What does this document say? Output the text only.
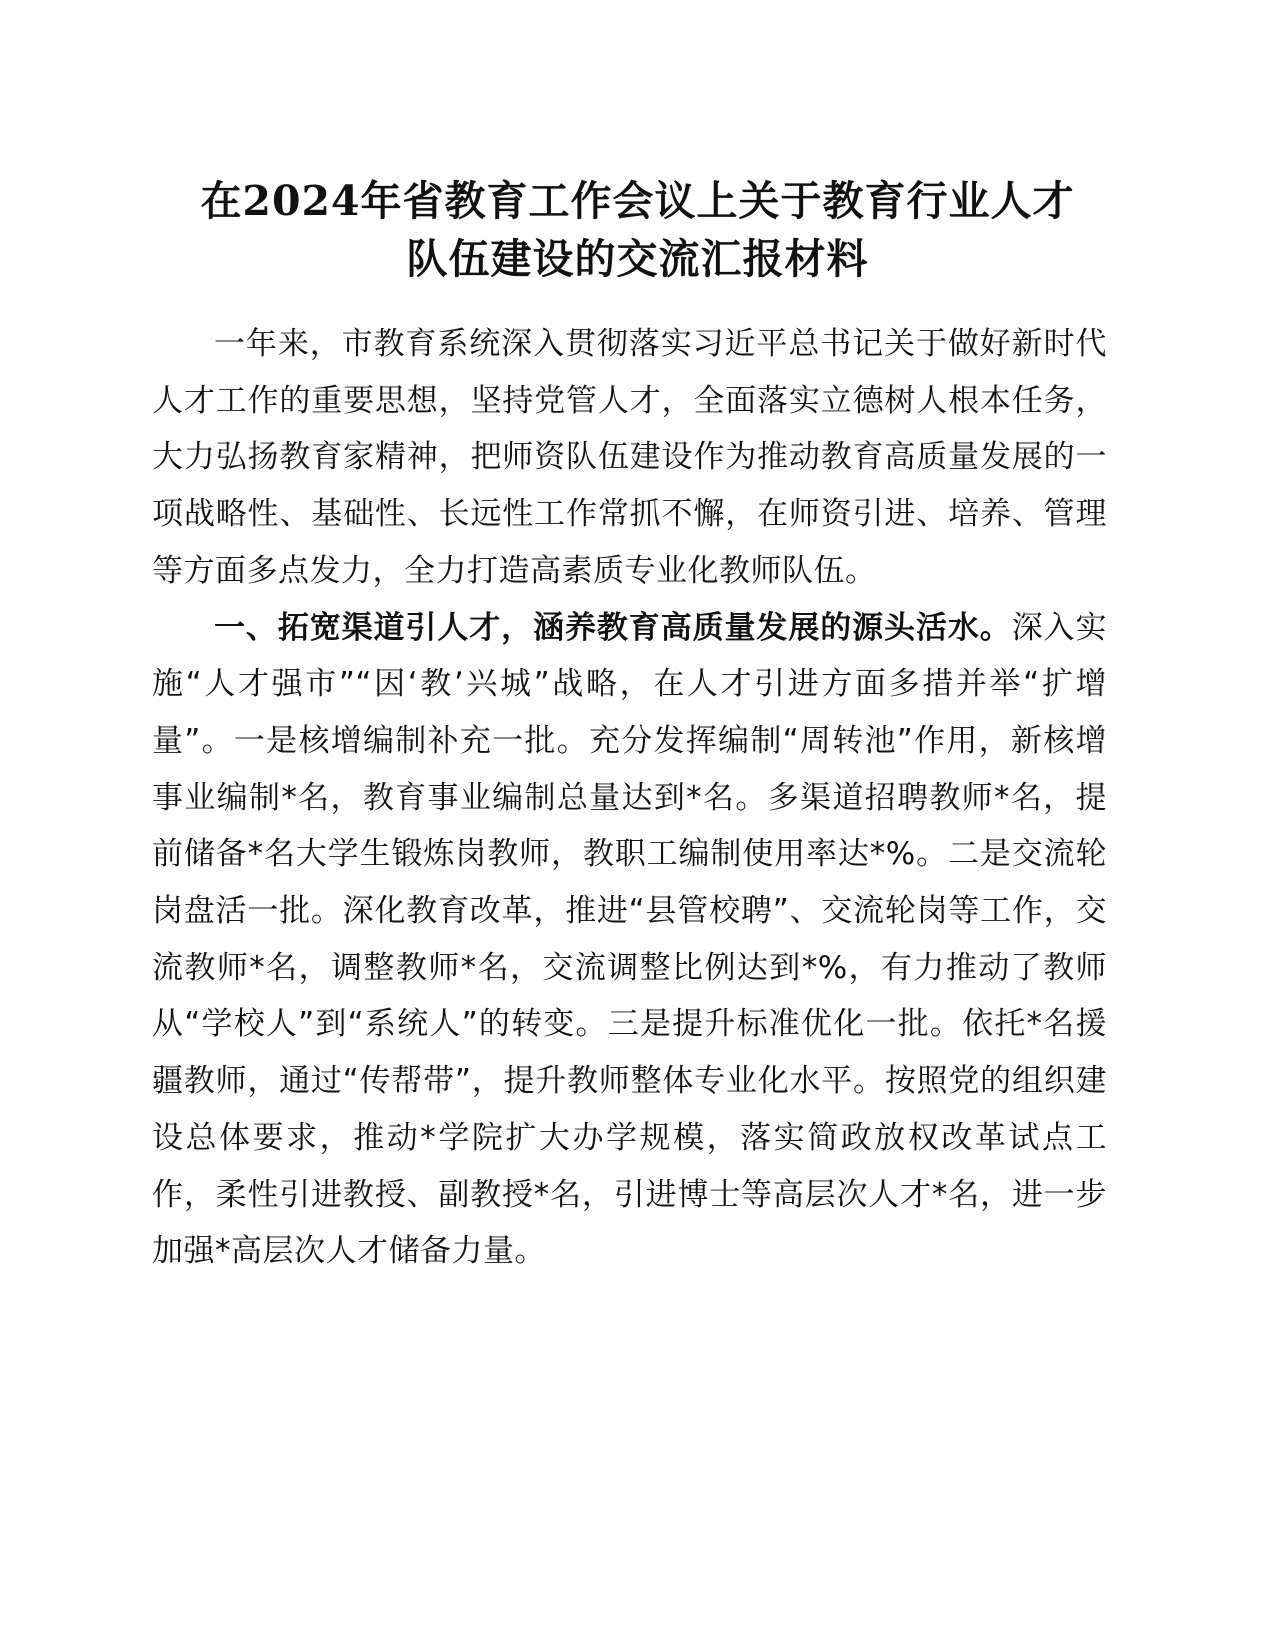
在2024年省教育工作会议上关于教育行业人才
队伍建设的交流汇报材料

一年来，市教育系统深入贯彻落实习近平总书记关于做好新时代人才工作的重要思想，坚持党管人才，全面落实立德树人根本任务，大力弘扬教育家精神，把师资队伍建设作为推动教育高质量发展的一项战略性、基础性、长远性工作常抓不懈，在师资引进、培养、管理等方面多点发力，全力打造高素质专业化教师队伍。

一、拓宽渠道引人才，涵养教育高质量发展的源头活水。深入实施“人才强市”“因‘教’兴城”战略，在人才引进方面多措并举“扩增量”。一是核增编制补充一批。充分发挥编制“周转池”作用，新核增事业编制*名，教育事业编制总量达到*名。多渠道招聘教师*名，提前储备*名大学生锻炼岗教师，教职工编制使用率达*%。二是交流轮岗盘活一批。深化教育改革，推进“县管校聘”、交流轮岗等工作，交流教师*名，调整教师*名，交流调整比例达到*%，有力推动了教师从“学校人”到“系统人”的转变。三是提升标准优化一批。依托*名援疆教师，通过“传帮带”，提升教师整体专业化水平。按照党的组织建设总体要求，推动*学院扩大办学规模，落实简政放权改革试点工作，柔性引进教授、副教授*名，引进博士等高层次人才*名，进一步加强*高层次人才储备力量。
